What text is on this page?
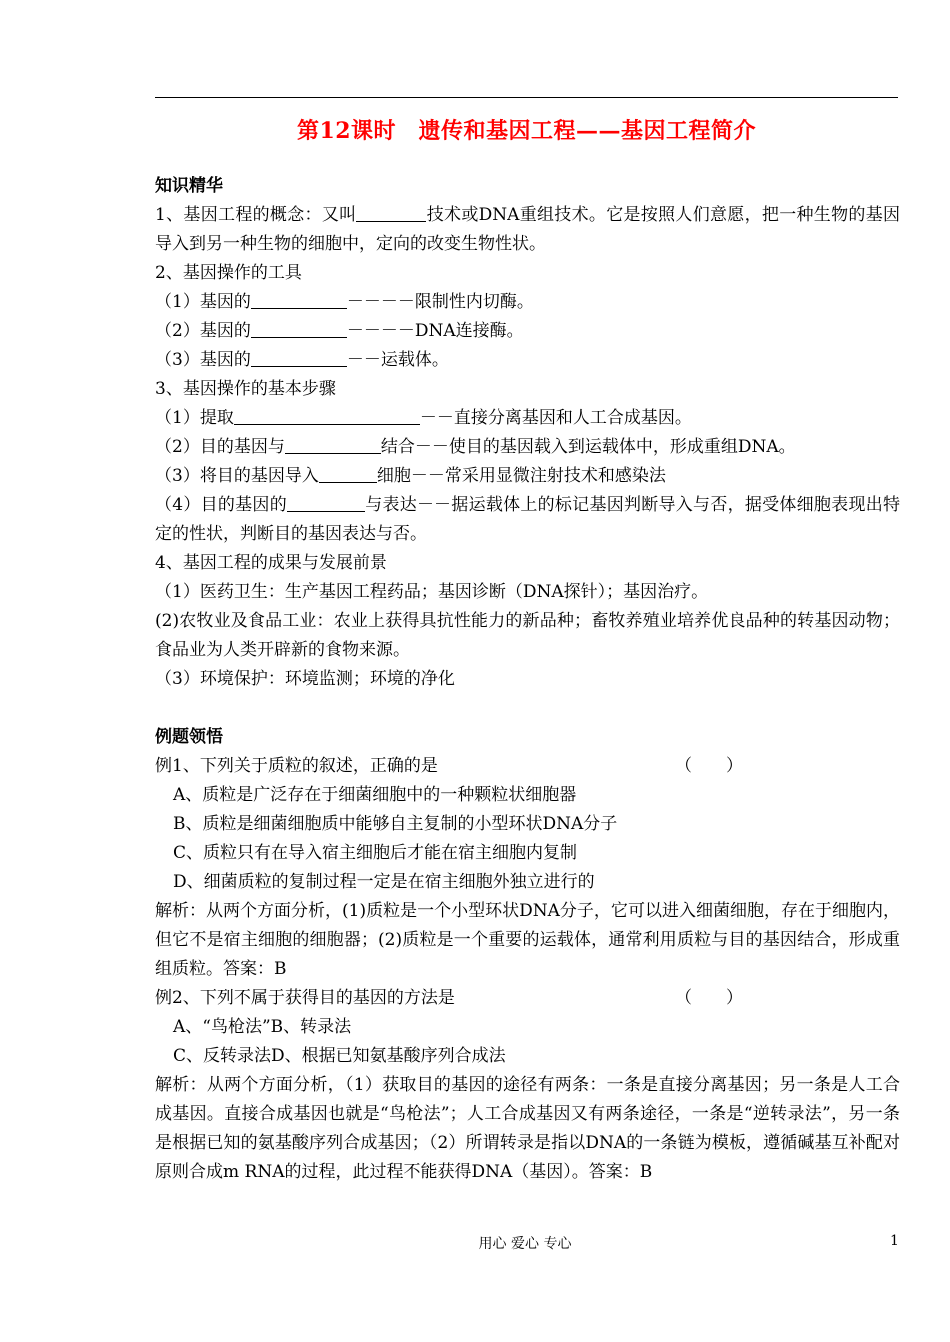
第12课时　遗传和基因工程——基因工程简介

知识精华

1、基因工程的概念：又叫	技术或DNA重组技术。它是按照人们意愿，把一种生物的基因导入到另一种生物的细胞中，定向的改变生物性状。

2、基因操作的工具

（1）基因的	－－－－限制性内切酶。

（2）基因的	－－－－DNA连接酶。

（3）基因的	－－运载体。

3、基因操作的基本步骤

（1）提取	－－直接分离基因和人工合成基因。

（2）目的基因与	结合－－使目的基因载入到运载体中，形成重组DNA。

（3）将目的基因导入	细胞－－常采用显微注射技术和感染法

（4）目的基因的	与表达－－据运载体上的标记基因判断导入与否，据受体细胞表现出特定的性状，判断目的基因表达与否。

4、基因工程的成果与发展前景

（1）医药卫生：生产基因工程药品；基因诊断（DNA探针）；基因治疗。

(2)农牧业及食品工业：农业上获得具抗性能力的新品种；畜牧养殖业培养优良品种的转基因动物；食品业为人类开辟新的食物来源。

（3）环境保护：环境监测；环境的净化

例题领悟

例1、下列关于质粒的叙述，正确的是	（　　）

A、质粒是广泛存在于细菌细胞中的一种颗粒状细胞器

B、质粒是细菌细胞质中能够自主复制的小型环状DNA分子

C、质粒只有在导入宿主细胞后才能在宿主细胞内复制

D、细菌质粒的复制过程一定是在宿主细胞外独立进行的

解析：从两个方面分析，(1)质粒是一个小型环状DNA分子，它可以进入细菌细胞，存在于细胞内，但它不是宿主细胞的细胞器；(2)质粒是一个重要的运载体，通常利用质粒与目的基因结合，形成重组质粒。答案：B

例2、下列不属于获得目的基因的方法是	（　　）

A、“鸟枪法”B、转录法

C、反转录法D、根据已知氨基酸序列合成法

解析：从两个方面分析，（1）获取目的基因的途径有两条：一条是直接分离基因；另一条是人工合成基因。直接合成基因也就是“鸟枪法”；人工合成基因又有两条途径，一条是“逆转录法”，另一条是根据已知的氨基酸序列合成基因；（2）所谓转录是指以DNA的一条链为模板，遵循碱基互补配对原则合成m RNA的过程，此过程不能获得DNA（基因）。答案：B

用心 爱心 专心	1
